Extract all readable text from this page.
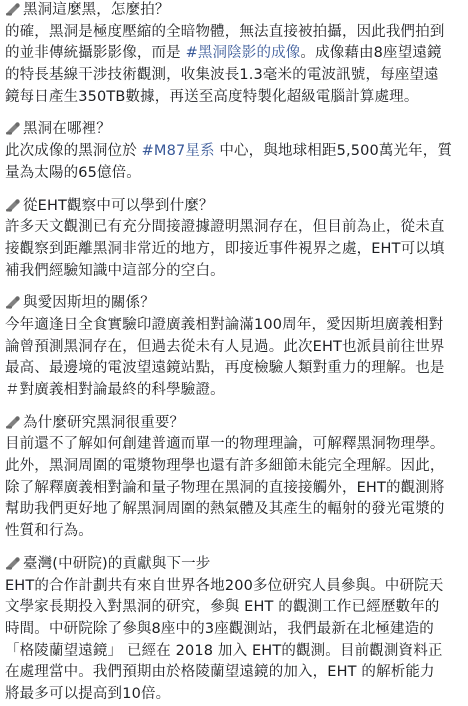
黑洞這麼黑，怎麼拍？
的確，黑洞是極度壓縮的全暗物體，無法直接被拍攝，因此我們拍到
的並非傳統攝影影像，而是 #黑洞陰影的成像。成像藉由8座望遠鏡
的特長基線干涉技術觀測，收集波長1.3毫米的電波訊號，每座望遠
鏡每日產生350TB數據，再送至高度特製化超級電腦計算處理。
黑洞在哪裡？
此次成像的黑洞位於 #M87星系 中心，與地球相距5,500萬光年，質
量為太陽的65億倍。
從EHT觀察中可以學到什麼？
許多天文觀測已有充分間接證據證明黑洞存在，但目前為止，從未直
接觀察到距離黑洞非常近的地方，即接近事件視界之處，EHT可以填
補我們經驗知識中這部分的空白。
與愛因斯坦的關係？
今年適逢日全食實驗印證廣義相對論滿100周年，愛因斯坦廣義相對
論曾預測黑洞存在，但過去從未有人見過。此次EHT也派員前往世界
最高、最邊境的電波望遠鏡站點，再度檢驗人類對重力的理解。也是
＃對廣義相對論最終的科學驗證。
為什麼研究黑洞很重要？
目前還不了解如何創建普適而單一的物理理論，可解釋黑洞物理學。
此外，黑洞周圍的電漿物理學也還有許多細節未能完全理解。因此，
除了解釋廣義相對論和量子物理在黑洞的直接接觸外，EHT的觀測將
幫助我們更好地了解黑洞周圍的熱氣體及其產生的輻射的發光電漿的
性質和行為。
臺灣(中研院)的貢獻與下一步
EHT的合作計劃共有來自世界各地200多位研究人員參與。中研院天
文學家長期投入對黑洞的研究，參與 EHT 的觀測工作已經歷數年的
時間。中研院除了參與8座中的3座觀測站，我們最新在北極建造的
「格陵蘭望遠鏡」 已經在 2018 加入 EHT的觀測。目前觀測資料正
在處理當中。我們預期由於格陵蘭望遠鏡的加入，EHT 的解析能力
將最多可以提高到10倍。
